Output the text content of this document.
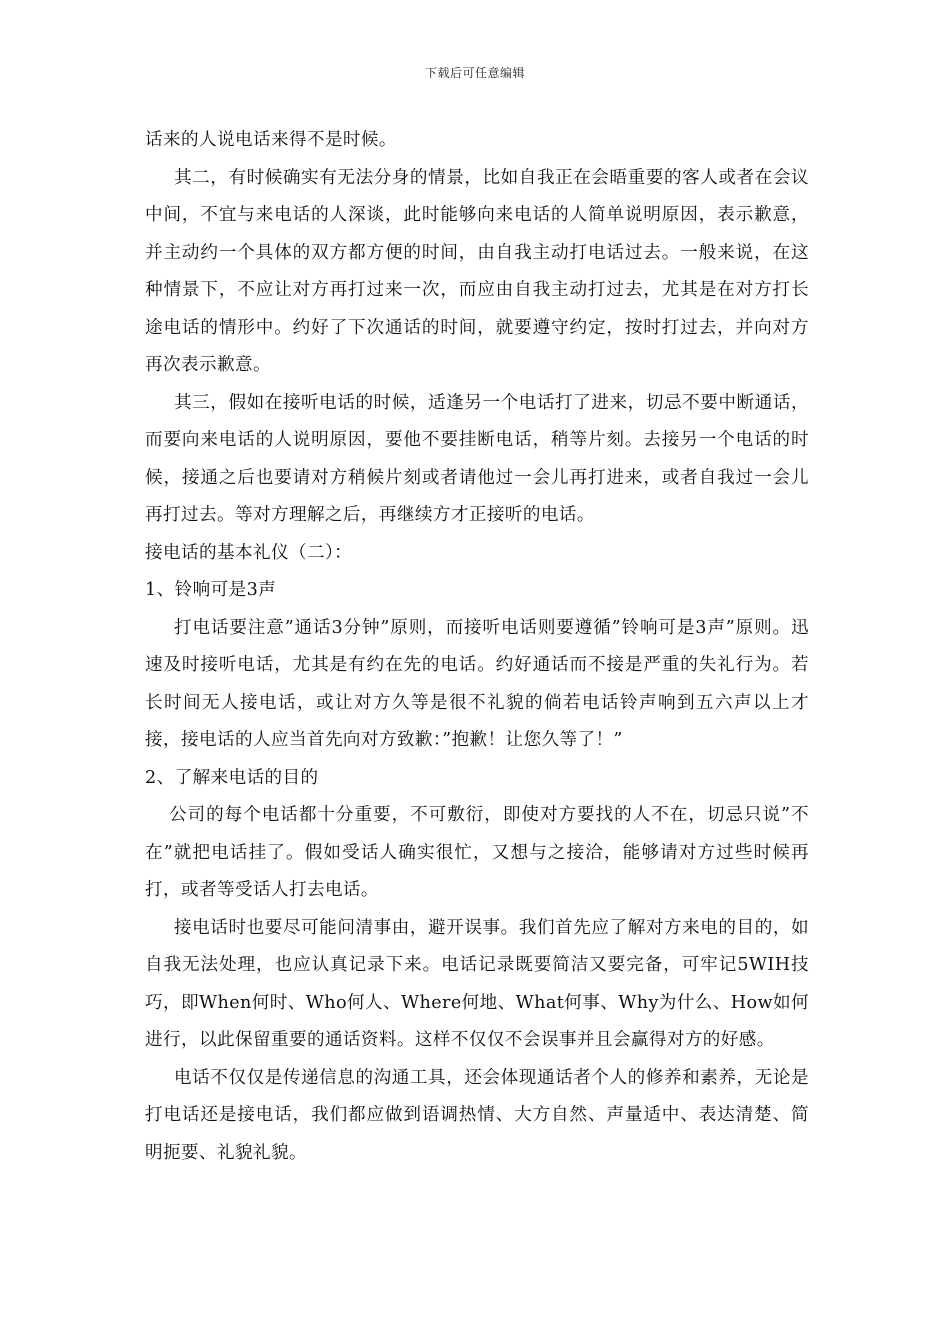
下载后可任意编辑

话来的人说电话来得不是时候。

其二，有时候确实有无法分身的情景，比如自我正在会晤重要的客人或者在会议中间，不宜与来电话的人深谈，此时能够向来电话的人简单说明原因，表示歉意，并主动约一个具体的双方都方便的时间，由自我主动打电话过去。一般来说，在这种情景下，不应让对方再打过来一次，而应由自我主动打过去，尤其是在对方打长途电话的情形中。约好了下次通话的时间，就要遵守约定，按时打过去，并向对方再次表示歉意。

其三，假如在接听电话的时候，适逢另一个电话打了进来，切忌不要中断通话，而要向来电话的人说明原因，要他不要挂断电话，稍等片刻。去接另一个电话的时候，接通之后也要请对方稍候片刻或者请他过一会儿再打进来，或者自我过一会儿再打过去。等对方理解之后，再继续方才正接听的电话。

接电话的基本礼仪（二）：

1、铃响可是3声

打电话要注意”通话3分钟”原则，而接听电话则要遵循”铃响可是3声”原则。迅速及时接听电话，尤其是有约在先的电话。约好通话而不接是严重的失礼行为。若长时间无人接电话，或让对方久等是很不礼貌的倘若电话铃声响到五六声以上才接，接电话的人应当首先向对方致歉：”抱歉！让您久等了！”

2、了解来电话的目的

公司的每个电话都十分重要，不可敷衍，即使对方要找的人不在，切忌只说”不在”就把电话挂了。假如受话人确实很忙，又想与之接洽，能够请对方过些时候再打，或者等受话人打去电话。

接电话时也要尽可能问清事由，避开误事。我们首先应了解对方来电的目的，如自我无法处理，也应认真记录下来。电话记录既要简洁又要完备，可牢记5WIH技巧，即When何时、Who何人、Where何地、What何事、Why为什么、How如何进行，以此保留重要的通话资料。这样不仅仅不会误事并且会赢得对方的好感。

电话不仅仅是传递信息的沟通工具，还会体现通话者个人的修养和素养，无论是打电话还是接电话，我们都应做到语调热情、大方自然、声量适中、表达清楚、简明扼要、礼貌礼貌。
